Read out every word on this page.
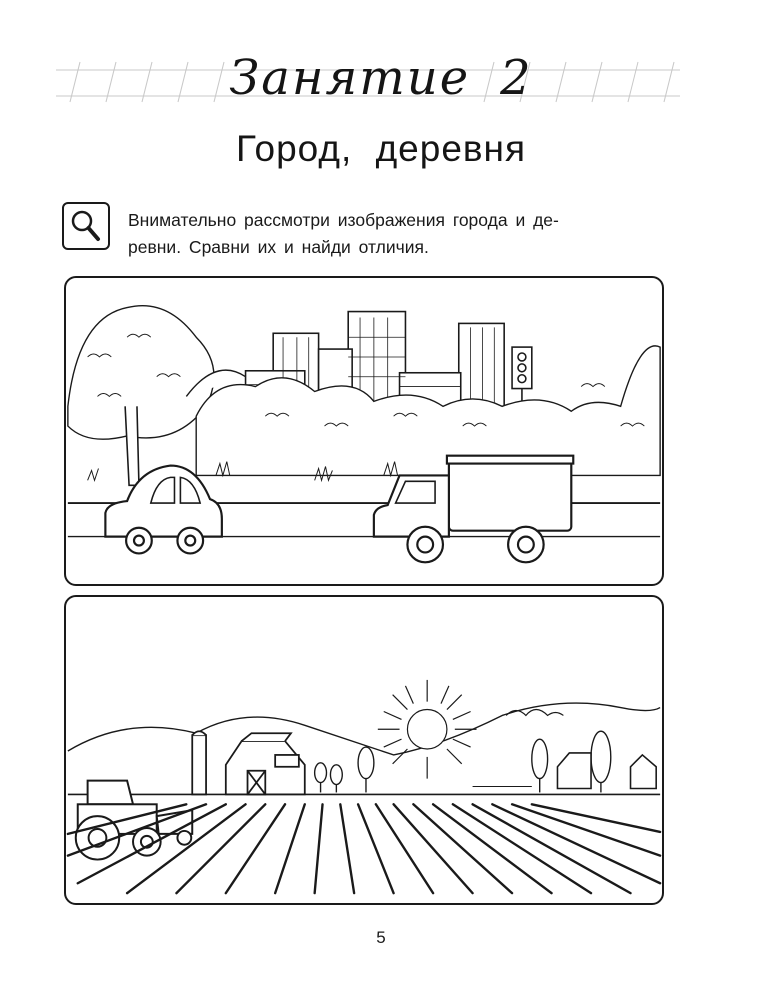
Занятие 2
Город, деревня
Внимательно рассмотри изображения города и де-
ревни. Сравни их и найди отличия.
5
